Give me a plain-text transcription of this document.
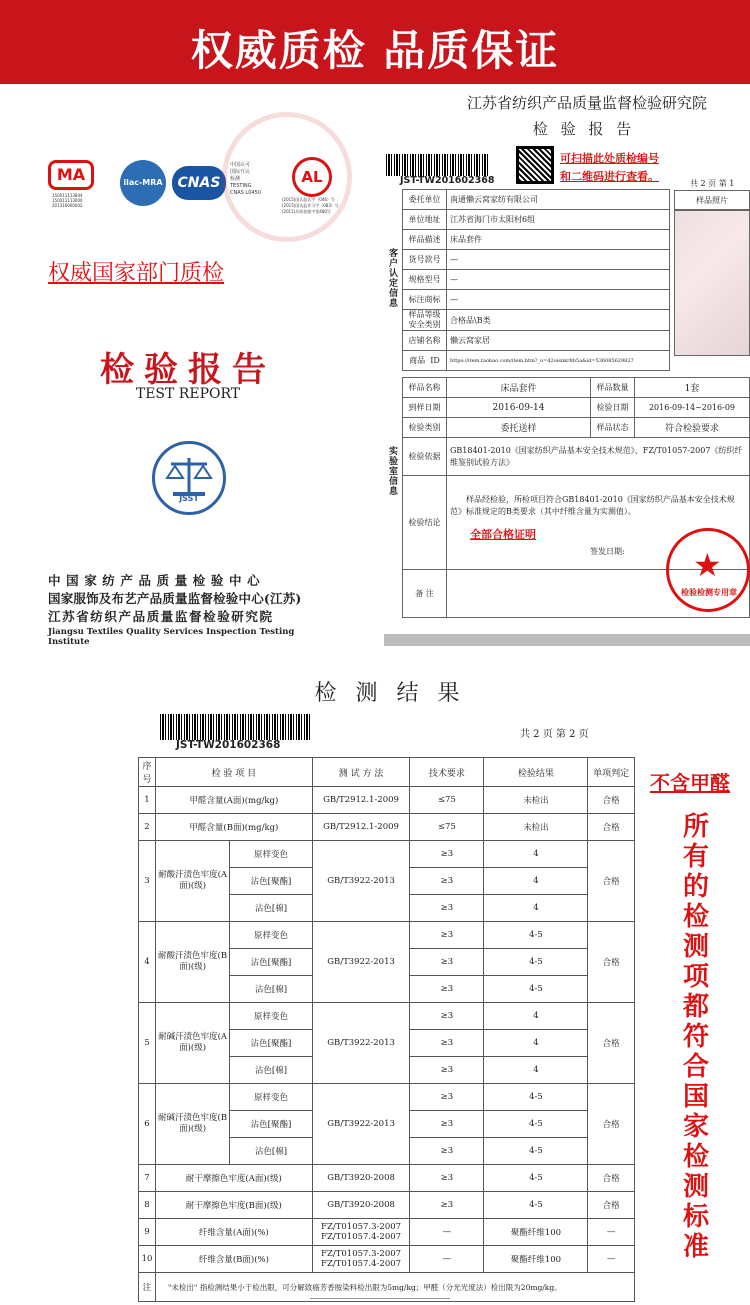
权威质检 品质保证
MA
150011113844
150011113000
201316060002
ilac-MRA	CNAS
中国认可
国际互认
检测
TESTING
CNAS L0450
AL
(2015)国认监认字（046）号
(2015)国认监许可字（083）号
(2011)苏质检服字第480号
权威国家部门质检
检验报告
TEST REPORT
JSST
中国家纺产品质量检验中心
国家服饰及布艺产品质量监督检验中心(江苏)
江苏省纺织产品质量监督检验研究院
Jiangsu Textiles Quality Services Inspection Testing Institute
江苏省纺织产品质量监督检验研究院
检 验 报 告
JST-TW201602368
可扫描此处质检编号
和二维码进行查看。
共 2 页 第 1
客户认定信息
实验室信息
委托单位	南通懒云窝家纺有限公司
单位地址	江苏省海门市太阳村6组
样品描述	床品套件
货号款号	—
规格型号	—
标注商标	—
样品等级
安全类别	合格品\B类
店铺名称	懒云窝家居
商品  ID	https://item.taobao.com/item.htm?_u=d2oisnkr8b5a&id=536085629827
样品照片
样品名称	床品套件	样品数量	1套
到样日期	2016-09-14	检验日期	2016-09-14~2016-09
检验类别	委托送样	样品状态	符合检验要求
检验依据	GB18401-2010《国家纺织产品基本安全技术规范》、FZ/T01057-2007《纺织纤维鉴别试验方法》		
检验结论	样品经检验，所检项目符合GB18401-2010《国家纺织产品基本安全技术规范》标准规定的B类要求（其中纤维含量为实测值）。
全部合格证明
签发日期:		

备 注			
★
检验检测专用章
检 测 结 果
JST-TW201602368
共 2 页 第 2 页
序号	检 验 项 目		测 试 方 法	技术要求	检验结果	单项判定
1	甲醛含量(A面)(mg/kg)		GB/T2912.1-2009	≤75	未检出	合格
2	甲醛含量(B面)(mg/kg)		GB/T2912.1-2009	≤75	未检出	合格
3	耐酸汗渍色牢度(A面)(级)	原样变色	GB/T3922-2013	≥3	4	合格
		沾色[聚酯]		≥3	4	
		沾色[棉]		≥3	4	
4	耐酸汗渍色牢度(B面)(级)	原样变色	GB/T3922-2013	≥3	4-5	合格
		沾色[聚酯]		≥3	4-5	
		沾色[棉]		≥3	4-5	
5	耐碱汗渍色牢度(A面)(级)	原样变色	GB/T3922-2013	≥3	4	合格
		沾色[聚酯]		≥3	4	
		沾色[棉]		≥3	4	
6	耐碱汗渍色牢度(B面)(级)	原样变色	GB/T3922-2013	≥3	4-5	合格
		沾色[聚酯]		≥3	4-5	
		沾色[棉]		≥3	4-5	
7	耐干摩擦色牢度(A面)(级)		GB/T3920-2008	≥3	4-5	合格
8	耐干摩擦色牢度(B面)(级)		GB/T3920-2008	≥3	4-5	合格
9	纤维含量(A面)(%)		FZ/T01057.3-2007
FZ/T01057.4-2007	—	聚酯纤维100	—
10	纤维含量(B面)(%)		FZ/T01057.3-2007
FZ/T01057.4-2007	—	聚酯纤维100	—
注	"未检出" 指检测结果小于检出限，可分解致癌芳香胺染料检出限为5mg/kg；甲醛（分光光度法）检出限为20mg/kg。					
不含甲醛
所有的检测项都符合国家检测标准
